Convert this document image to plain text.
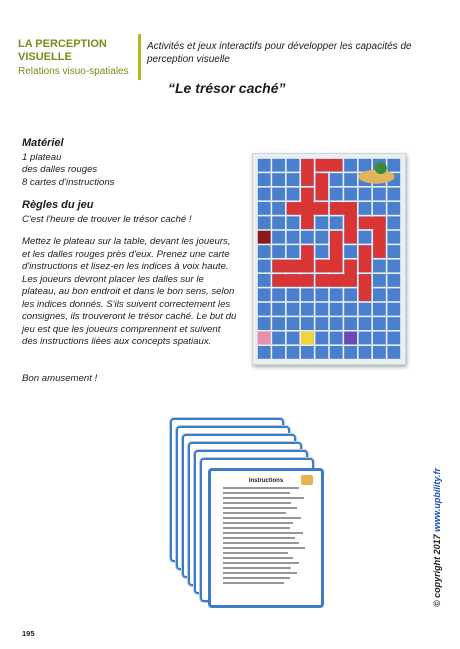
LA PERCEPTION
VISUELLE
Relations visuo-spatiales
Activités et jeux interactifs pour développer les capacités de perception visuelle
“Le trésor caché”
Matériel

1 plateau

des dalles rouges

8 cartes d'instructions

Règles du jeu

C'est l'heure de trouver le trésor caché !

Mettez le plateau sur la table, devant les joueurs, et les dalles rouges près d'eux. Prenez une carte d'instructions et lisez-en les indices à voix haute. Les joueurs devront placer les dalles sur le plateau, au bon endroit et dans le bon sens, selon les indices donnés. S'ils suivent correctement les consignes, ils trouveront le trésor caché. Le but du jeu est que les joueurs comprennent et suivent des instructions liées aux concepts spatiaux.

Bon amusement !

Instructions
© copyright 2017 www.upbility.fr
195
